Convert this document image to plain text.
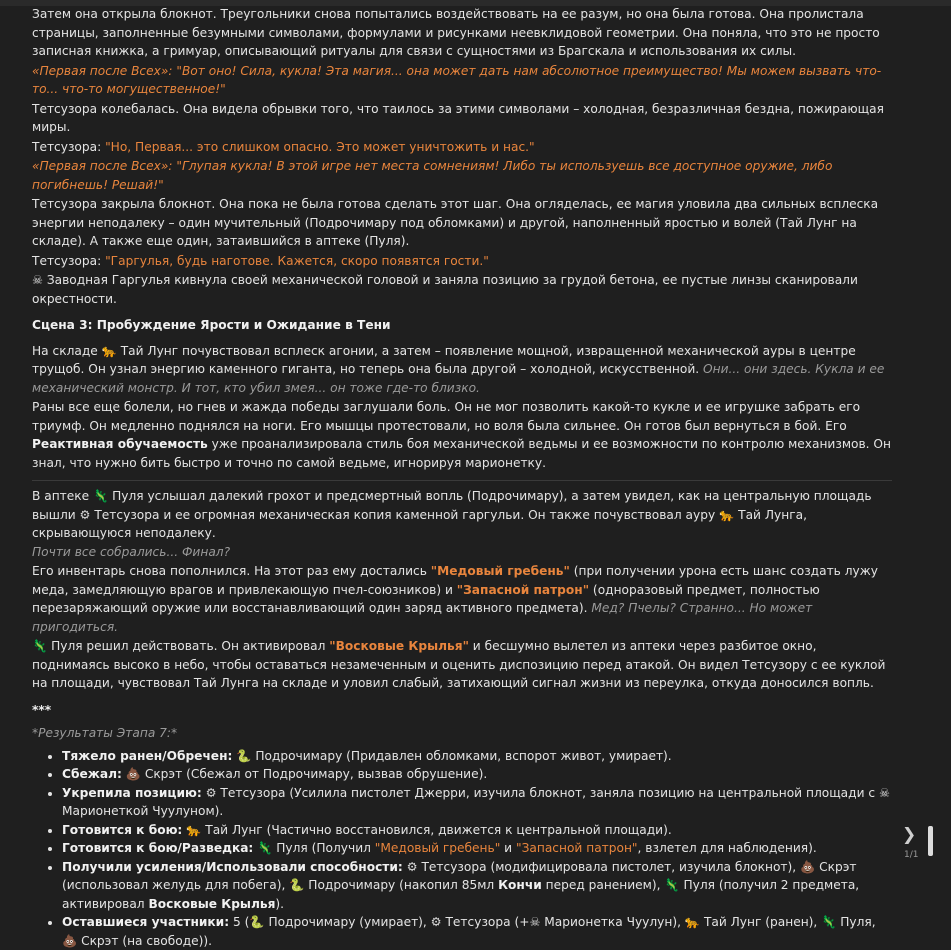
Затем она открыла блокнот. Треугольники снова попытались воздействовать на ее разум, но она была готова. Она пролистала страницы, заполненные безумными символами, формулами и рисунками неевклидовой геометрии. Она поняла, что это не просто записная книжка, а гримуар, описывающий ритуалы для связи с сущностями из Брагскала и использования их силы.

«Первая после Всех»: "Вот оно! Сила, кукла! Эта магия... она может дать нам абсолютное преимущество! Мы можем вызвать что-то... что-то могущественное!"

Тетсузора колебалась. Она видела обрывки того, что таилось за этими символами – холодная, безразличная бездна, пожирающая миры.

Тетсузора: "Но, Первая... это слишком опасно. Это может уничтожить и нас."

«Первая после Всех»: "Глупая кукла! В этой игре нет места сомнениям! Либо ты используешь все доступное оружие, либо погибнешь! Решай!"

Тетсузора закрыла блокнот. Она пока не была готова сделать этот шаг. Она огляделась, ее магия уловила два сильных всплеска энергии неподалеку – один мучительный (Подрочимару под обломками) и другой, наполненный яростью и волей (Тай Лунг на складе). А также еще один, затаившийся в аптеке (Пуля).

Тетсузора: "Гаргулья, будь наготове. Кажется, скоро появятся гости."

☠ Заводная Гаргулья кивнула своей механической головой и заняла позицию за грудой бетона, ее пустые линзы сканировали окрестности.

Сцена 3: Пробуждение Ярости и Ожидание в Тени

На складе 🐆 Тай Лунг почувствовал всплеск агонии, а затем – появление мощной, извращенной механической ауры в центре трущоб. Он узнал энергию каменного гиганта, но теперь она была другой – холодной, искусственной. Они... они здесь. Кукла и ее механический монстр. И тот, кто убил змея... он тоже где-то близко.

Раны все еще болели, но гнев и жажда победы заглушали боль. Он не мог позволить какой-то кукле и ее игрушке забрать его триумф. Он медленно поднялся на ноги. Его мышцы протестовали, но воля была сильнее. Он готов был вернуться в бой. Его Реактивная обучаемость уже проанализировала стиль боя механической ведьмы и ее возможности по контролю механизмов. Он знал, что нужно бить быстро и точно по самой ведьме, игнорируя марионетку.

В аптеке 🦎 Пуля услышал далекий грохот и предсмертный вопль (Подрочимару), а затем увидел, как на центральную площадь вышли ⚙ Тетсузора и ее огромная механическая копия каменной гаргульи. Он также почувствовал ауру 🐆 Тай Лунга, скрывающуюся неподалеку.
Почти все собрались... Финал?

Его инвентарь снова пополнился. На этот раз ему достались "Медовый гребень" (при получении урона есть шанс создать лужу меда, замедляющую врагов и привлекающую пчел-союзников) и "Запасной патрон" (одноразовый предмет, полностью перезаряжающий оружие или восстанавливающий один заряд активного предмета). Мед? Пчелы? Странно... Но может пригодиться.

🦎 Пуля решил действовать. Он активировал "Восковые Крылья" и бесшумно вылетел из аптеки через разбитое окно, поднимаясь высоко в небо, чтобы оставаться незамеченным и оценить диспозицию перед атакой. Он видел Тетсузору с ее куклой на площади, чувствовал Тай Лунга на складе и уловил слабый, затихающий сигнал жизни из переулка, откуда доносился вопль.

***

*Результаты Этапа 7:*

• Тяжело ранен/Обречен: 🐍 Подрочимару (Придавлен обломками, вспорот живот, умирает).
• Сбежал: 💩 Скрэт (Сбежал от Подрочимару, вызвав обрушение).
• Укрепила позицию: ⚙ Тетсузора (Усилила пистолет Джерри, изучила блокнот, заняла позицию на центральной площади с ☠ Марионеткой Чуулуном).
• Готовится к бою: 🐆 Тай Лунг (Частично восстановился, движется к центральной площади).
• Готовится к бою/Разведка: 🦎 Пуля (Получил "Медовый гребень" и "Запасной патрон", взлетел для наблюдения).
• Получили усиления/Использовали способности: ⚙ Тетсузора (модифицировала пистолет, изучила блокнот), 💩 Скрэт (использовал желудь для побега), 🐍 Подрочимару (накопил 85мл Кончи перед ранением), 🦎 Пуля (получил 2 предмета, активировал Восковые Крылья).
• Оставшиеся участники: 5 (🐍 Подрочимару (умирает), ⚙ Тетсузора (+☠ Марионетка Чуулун), 🐆 Тай Лунг (ранен), 🦎 Пуля, 💩 Скрэт (на свободе)).
❯
1/1
